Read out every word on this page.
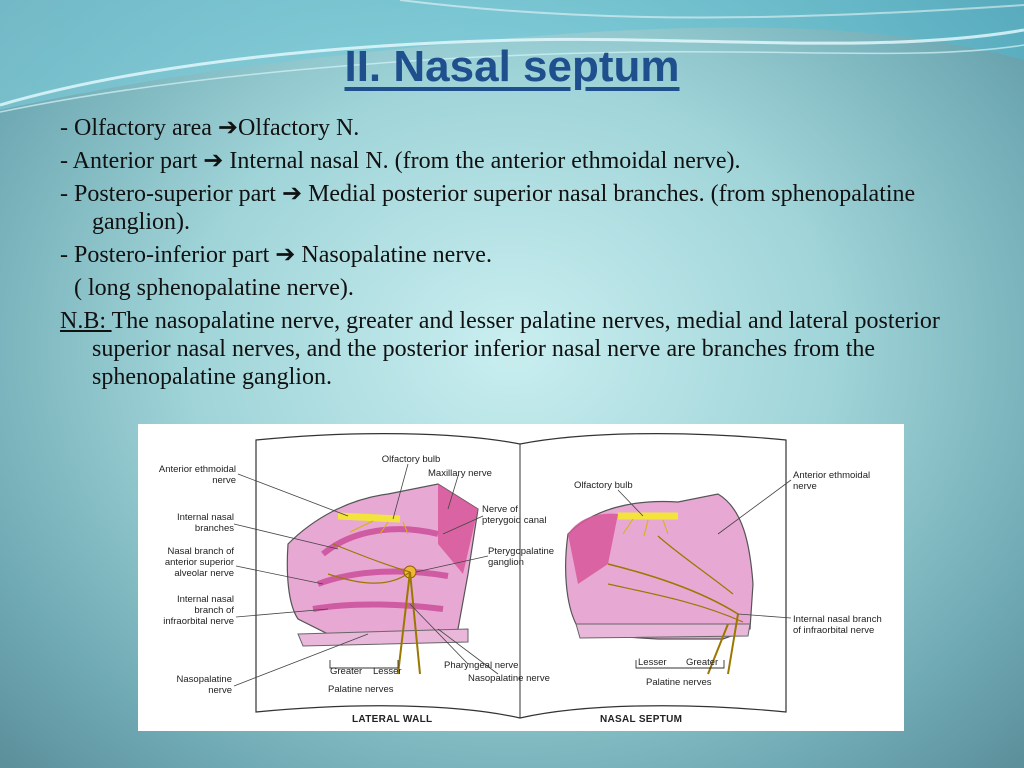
II. Nasal septum

- Olfactory area ➔Olfactory N.

- Anterior part ➔ Internal nasal N. (from the anterior ethmoidal nerve).

- Postero-superior part ➔ Medial posterior superior nasal branches. (from sphenopalatine ganglion).

- Postero-inferior part ➔ Nasopalatine nerve.

( long sphenopalatine nerve).

N.B: The nasopalatine nerve, greater and lesser palatine nerves, medial and lateral posterior superior nasal nerves, and the posterior inferior nasal nerve are branches from the sphenopalatine ganglion.

Anterior ethmoidal
nerve
Internal nasal
branches
Nasal branch of
anterior superior
alveolar nerve
Internal nasal
branch of
infraorbital nerve
Nasopalatine
nerve
Olfactory bulb
Maxillary nerve
Nerve of
pterygoid canal
Pterygopalatine
ganglion
Olfactory bulb
Anterior ethmoidal
nerve
Internal nasal branch
of infraorbital nerve
Greater Lesser
Palatine nerves
Pharyngeal nerve
Nasopalatine nerve
Lesser Greater
Palatine nerves
LATERAL WALL	NASAL SEPTUM
